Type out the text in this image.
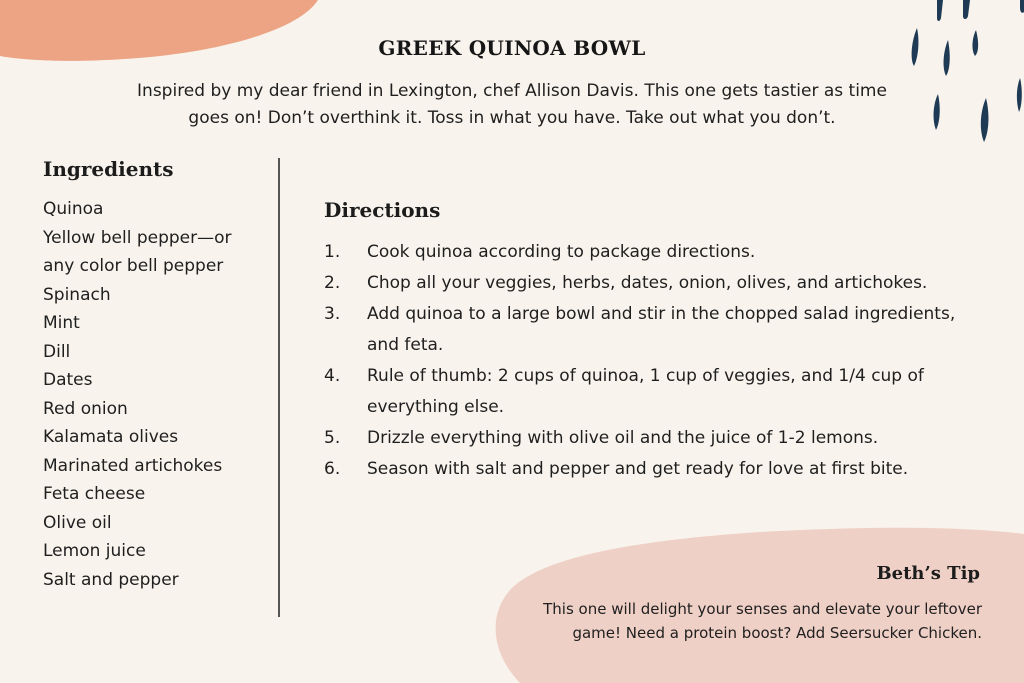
GREEK QUINOA BOWL
Inspired by my dear friend in Lexington, chef Allison Davis. This one gets tastier as time goes on! Don’t overthink it. Toss in what you have. Take out what you don’t.
Ingredients
Quinoa
Yellow bell pepper—or any color bell pepper
Spinach
Mint
Dill
Dates
Red onion
Kalamata olives
Marinated artichokes
Feta cheese
Olive oil
Lemon juice
Salt and pepper
Directions
1.	Cook quinoa according to package directions.
2.	Chop all your veggies, herbs, dates, onion, olives, and artichokes.
3.	Add quinoa to a large bowl and stir in the chopped salad ingredients, and feta.
4.	Rule of thumb: 2 cups of quinoa, 1 cup of veggies, and 1/4 cup of everything else.
5.	Drizzle everything with olive oil and the juice of 1-2 lemons.
6.	Season with salt and pepper and get ready for love at first bite.
Beth’s Tip
This one will delight your senses and elevate your leftover game! Need a protein boost? Add Seersucker Chicken.
